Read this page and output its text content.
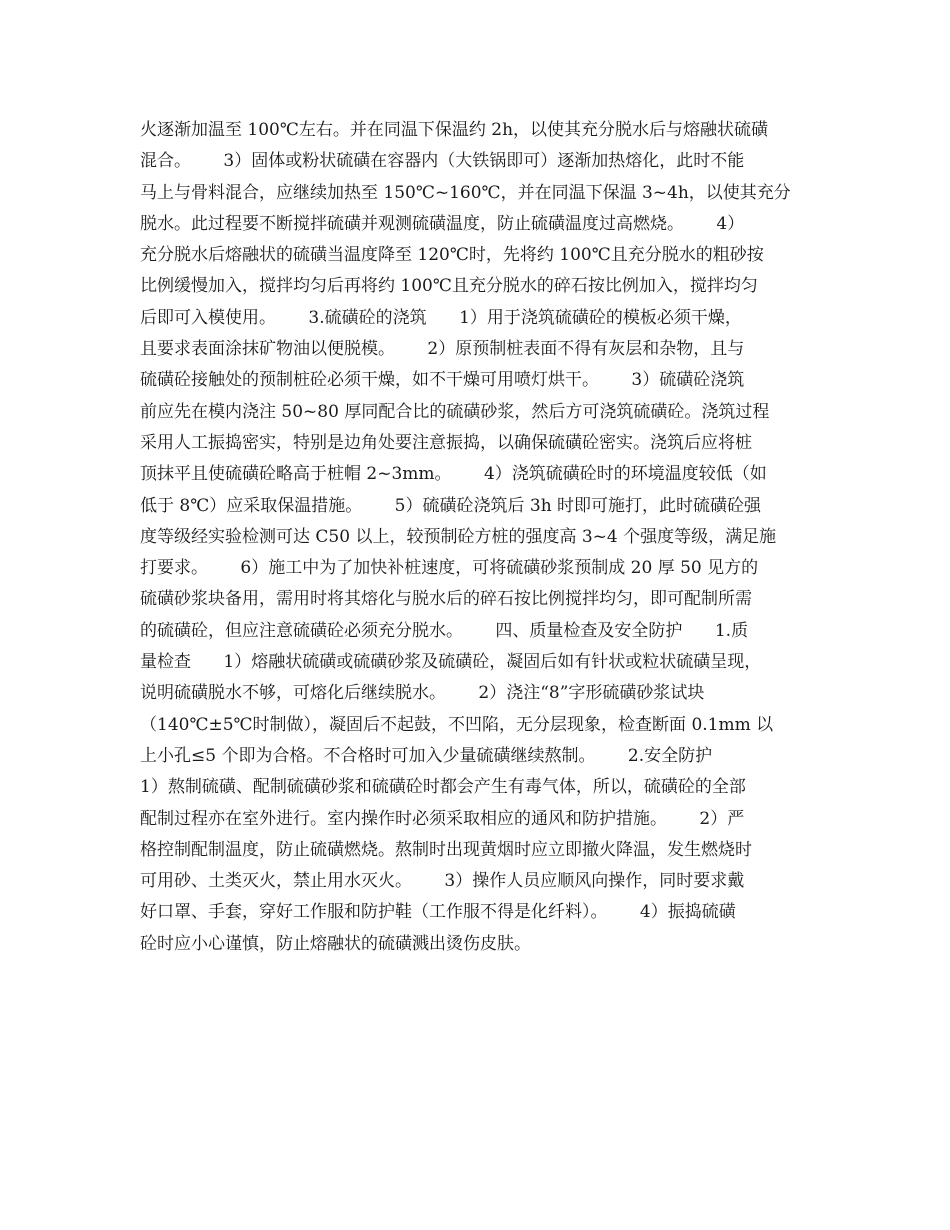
火逐渐加温至 100℃左右。并在同温下保温约 2h，以使其充分脱水后与熔融状硫磺
混合。      3）固体或粉状硫磺在容器内（大铁锅即可）逐渐加热熔化，此时不能
马上与骨料混合，应继续加热至 150℃~160℃，并在同温下保温 3~4h，以使其充分
脱水。此过程要不断搅拌硫磺并观测硫磺温度，防止硫磺温度过高燃烧。      4）
充分脱水后熔融状的硫磺当温度降至 120℃时，先将约 100℃且充分脱水的粗砂按
比例缓慢加入，搅拌均匀后再将约 100℃且充分脱水的碎石按比例加入，搅拌均匀
后即可入模使用。      3.硫磺砼的浇筑      1）用于浇筑硫磺砼的模板必须干燥，
且要求表面涂抹矿物油以便脱模。      2）原预制桩表面不得有灰层和杂物，且与
硫磺砼接触处的预制桩砼必须干燥，如不干燥可用喷灯烘干。      3）硫磺砼浇筑
前应先在模内浇注 50~80 厚同配合比的硫磺砂浆，然后方可浇筑硫磺砼。浇筑过程
采用人工振捣密实，特别是边角处要注意振捣，以确保硫磺砼密实。浇筑后应将桩
顶抹平且使硫磺砼略高于桩帽 2~3mm。      4）浇筑硫磺砼时的环境温度较低（如
低于 8℃）应采取保温措施。      5）硫磺砼浇筑后 3h 时即可施打，此时硫磺砼强
度等级经实验检测可达 C50 以上，较预制砼方桩的强度高 3~4 个强度等级，满足施
打要求。      6）施工中为了加快补桩速度，可将硫磺砂浆预制成 20 厚 50 见方的
硫磺砂浆块备用，需用时将其熔化与脱水后的碎石按比例搅拌均匀，即可配制所需
的硫磺砼，但应注意硫磺砼必须充分脱水。      四、质量检查及安全防护      1.质
量检查      1）熔融状硫磺或硫磺砂浆及硫磺砼，凝固后如有针状或粒状硫磺呈现，
说明硫磺脱水不够，可熔化后继续脱水。      2）浇注“8”字形硫磺砂浆试块
（140℃±5℃时制做），凝固后不起鼓，不凹陷，无分层现象，检查断面 0.1mm 以
上小孔≤5 个即为合格。不合格时可加入少量硫磺继续熬制。      2.安全防护
1）熬制硫磺、配制硫磺砂浆和硫磺砼时都会产生有毒气体，所以，硫磺砼的全部
配制过程亦在室外进行。室内操作时必须采取相应的通风和防护措施。      2）严
格控制配制温度，防止硫磺燃烧。熬制时出现黄烟时应立即撤火降温，发生燃烧时
可用砂、土类灭火，禁止用水灭火。      3）操作人员应顺风向操作，同时要求戴
好口罩、手套，穿好工作服和防护鞋（工作服不得是化纤料）。      4）振捣硫磺
砼时应小心谨慎，防止熔融状的硫磺溅出烫伤皮肤。
